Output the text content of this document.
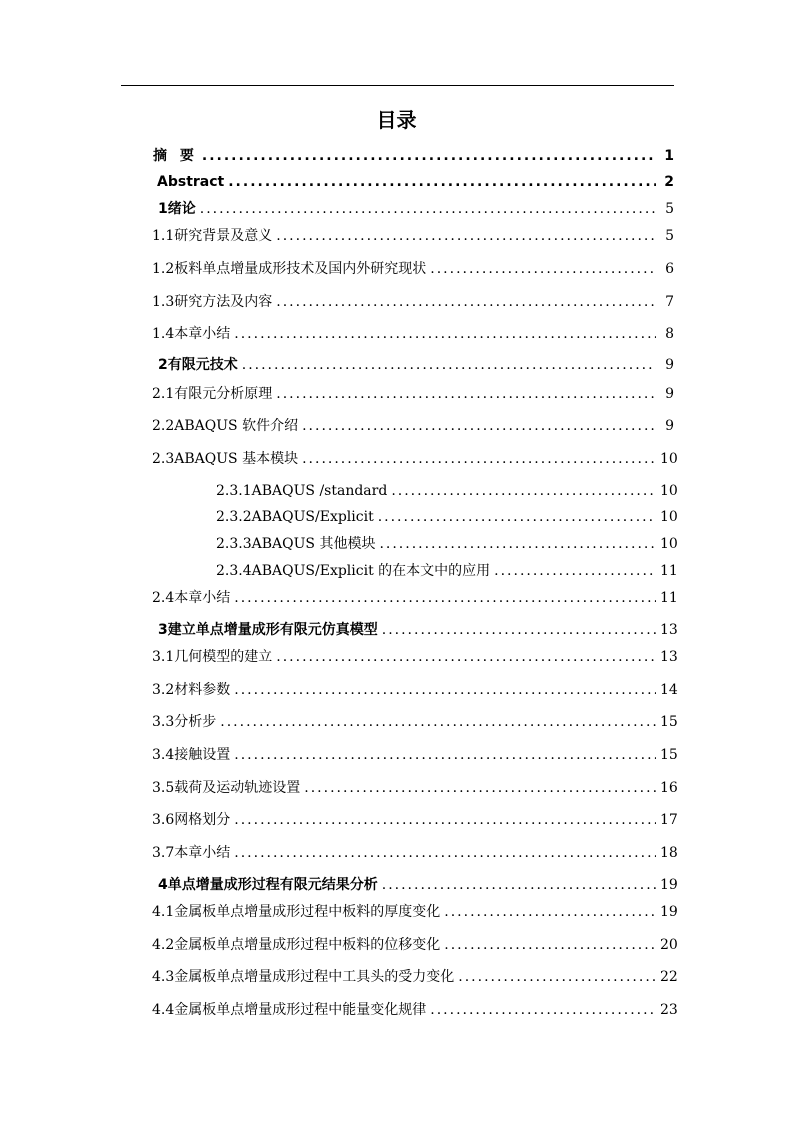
目录
摘 要 .....	1
Abstract .....	2
1 绪论 .....	5
1.1 研究背景及意义 .....	5
1.2 板料单点增量成形技术及国内外研究现状 .....	6
1.3 研究方法及内容 .....	7
1.4 本章小结 .....	8
2 有限元技术 .....	9
2.1 有限元分析原理 .....	9
2.2 ABAQUS 软件介绍 .....	9
2.3 ABAQUS 基本模块 .....	10
2.3.1 ABAQUS /standard .....	10
2.3.2 ABAQUS/Explicit .....	10
2.3.3 ABAQUS 其他模块 .....	10
2.3.4 ABAQUS/Explicit 的在本文中的应用 .....	11
2.4 本章小结 .....	11
3 建立单点增量成形有限元仿真模型 .....	13
3.1 几何模型的建立 .....	13
3.2 材料参数 .....	14
3.3 分析步 .....	15
3.4 接触设置 .....	15
3.5 载荷及运动轨迹设置 .....	16
3.6 网格划分 .....	17
3.7 本章小结 .....	18
4 单点增量成形过程有限元结果分析 .....	19
4.1 金属板单点增量成形过程中板料的厚度变化 .....	19
4.2 金属板单点增量成形过程中板料的位移变化 .....	20
4.3 金属板单点增量成形过程中工具头的受力变化 .....	22
4.4 金属板单点增量成形过程中能量变化规律 .....	23
